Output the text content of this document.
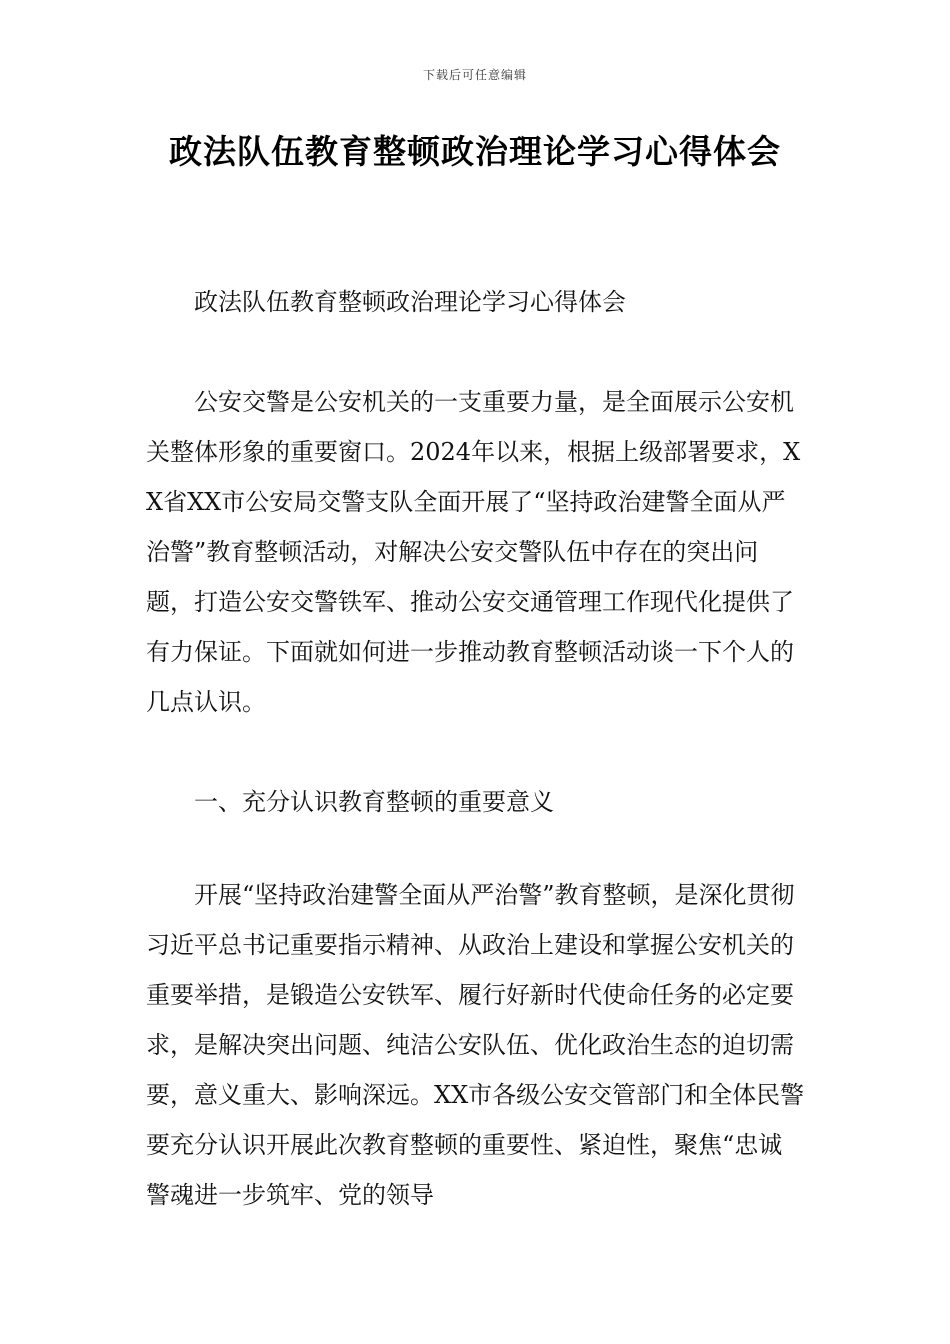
下载后可任意编辑
政法队伍教育整顿政治理论学习心得体会

政法队伍教育整顿政治理论学习心得体会

公安交警是公安机关的一支重要力量，是全面展示公安机关整体形象的重要窗口。2024年以来，根据上级部署要求，XX省XX市公安局交警支队全面开展了“坚持政治建警全面从严治警”教育整顿活动，对解决公安交警队伍中存在的突出问题，打造公安交警铁军、推动公安交通管理工作现代化提供了有力保证。下面就如何进一步推动教育整顿活动谈一下个人的几点认识。

一、充分认识教育整顿的重要意义

开展“坚持政治建警全面从严治警”教育整顿，是深化贯彻习近平总书记重要指示精神、从政治上建设和掌握公安机关的重要举措，是锻造公安铁军、履行好新时代使命任务的必定要求，是解决突出问题、纯洁公安队伍、优化政治生态的迫切需要，意义重大、影响深远。XX市各级公安交管部门和全体民警要充分认识开展此次教育整顿的重要性、紧迫性，聚焦“忠诚警魂进一步筑牢、党的领导
